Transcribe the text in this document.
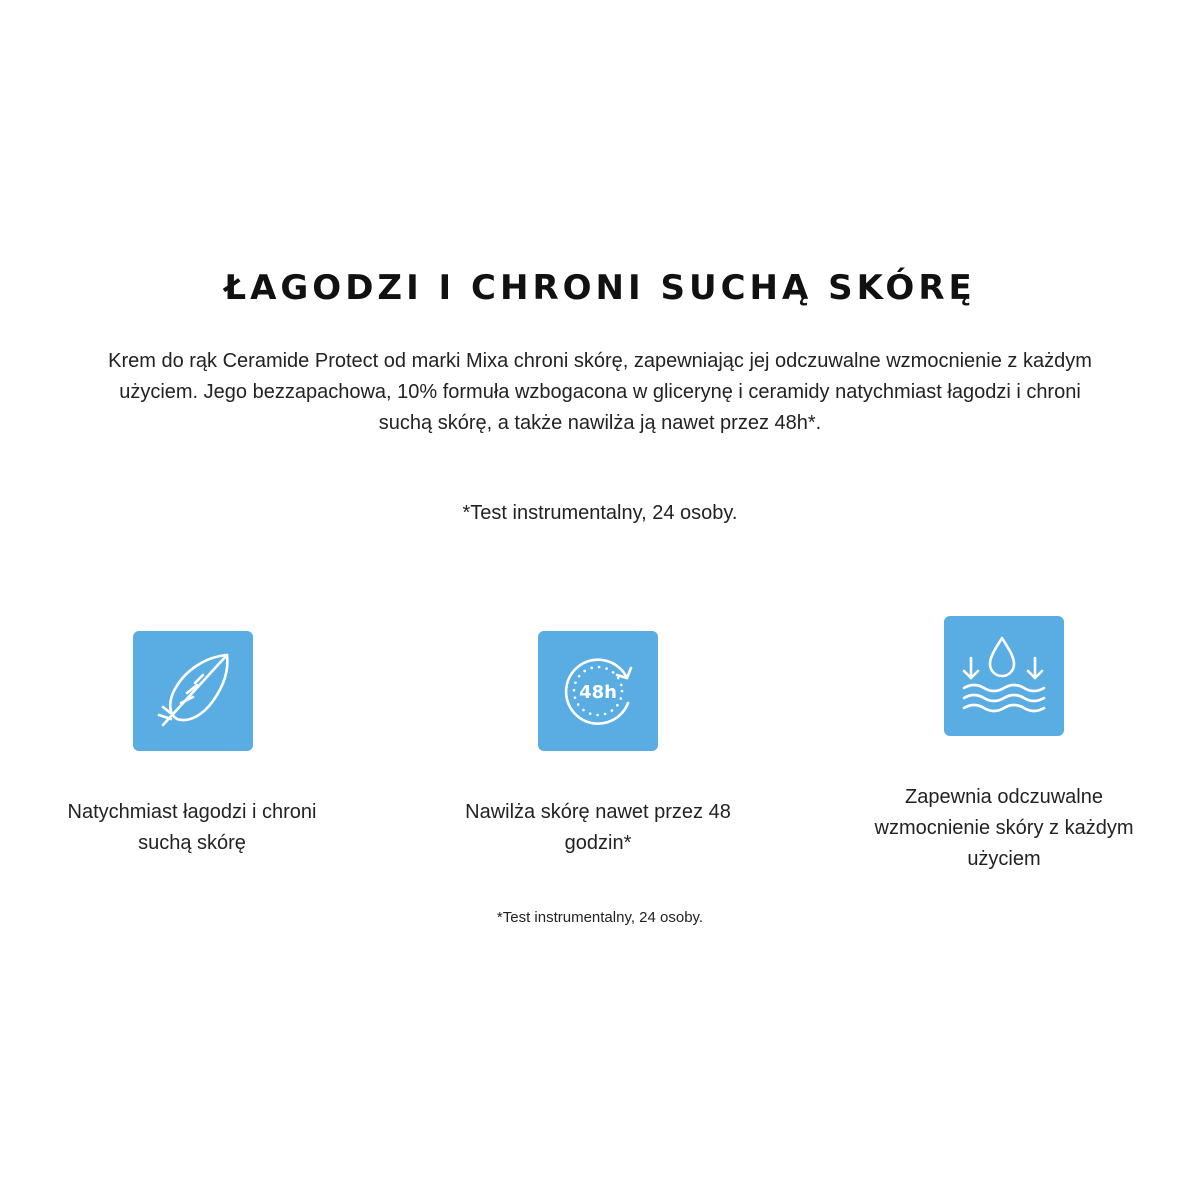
ŁAGODZI I CHRONI SUCHĄ SKÓRĘ

Krem do rąk Ceramide Protect od marki Mixa chroni skórę, zapewniając jej odczuwalne wzmocnienie z każdym użyciem. Jego bezzapachowa, 10% formuła wzbogacona w glicerynę i ceramidy natychmiast łagodzi i chroni suchą skórę, a także nawilża ją nawet przez 48h*.

*Test instrumentalny, 24 osoby.

Natychmiast łagodzi i chroni suchą skórę

48h

Nawilża skórę nawet przez 48 godzin*

Zapewnia odczuwalne wzmocnienie skóry z każdym użyciem

*Test instrumentalny, 24 osoby.
